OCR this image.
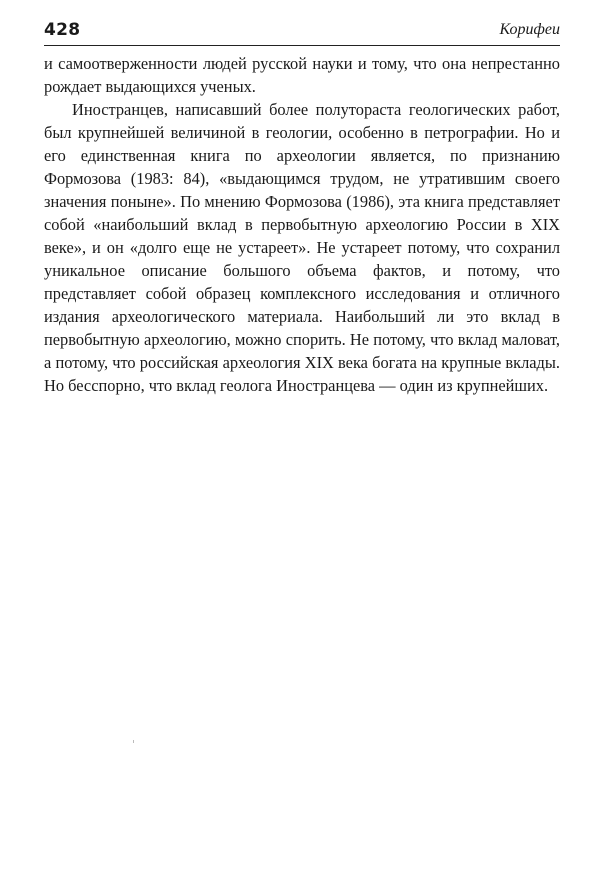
428	Корифеи

и самоотверженности людей русской науки и тому, что она непрестанно рождает выдающихся ученых.

Иностранцев, написавший более полутораста геологических работ, был крупнейшей величиной в геологии, особенно в петрографии. Но и его единственная книга по археологии является, по признанию Формозова (1983: 84), «выдающимся трудом, не утратившим своего значения поныне». По мнению Формозова (1986), эта книга представляет собой «наибольший вклад в первобытную археологию России в XIX веке», и он «долго еще не устареет». Не устареет потому, что сохранил уникальное описание большого объема фактов, и потому, что представляет собой образец комплексного исследования и отличного издания археологического материала. Наибольший ли это вклад в первобытную археологию, можно спорить. Не потому, что вклад маловат, а потому, что российская археология XIX века богата на крупные вклады. Но бесспорно, что вклад геолога Иностранцева — один из крупнейших.
